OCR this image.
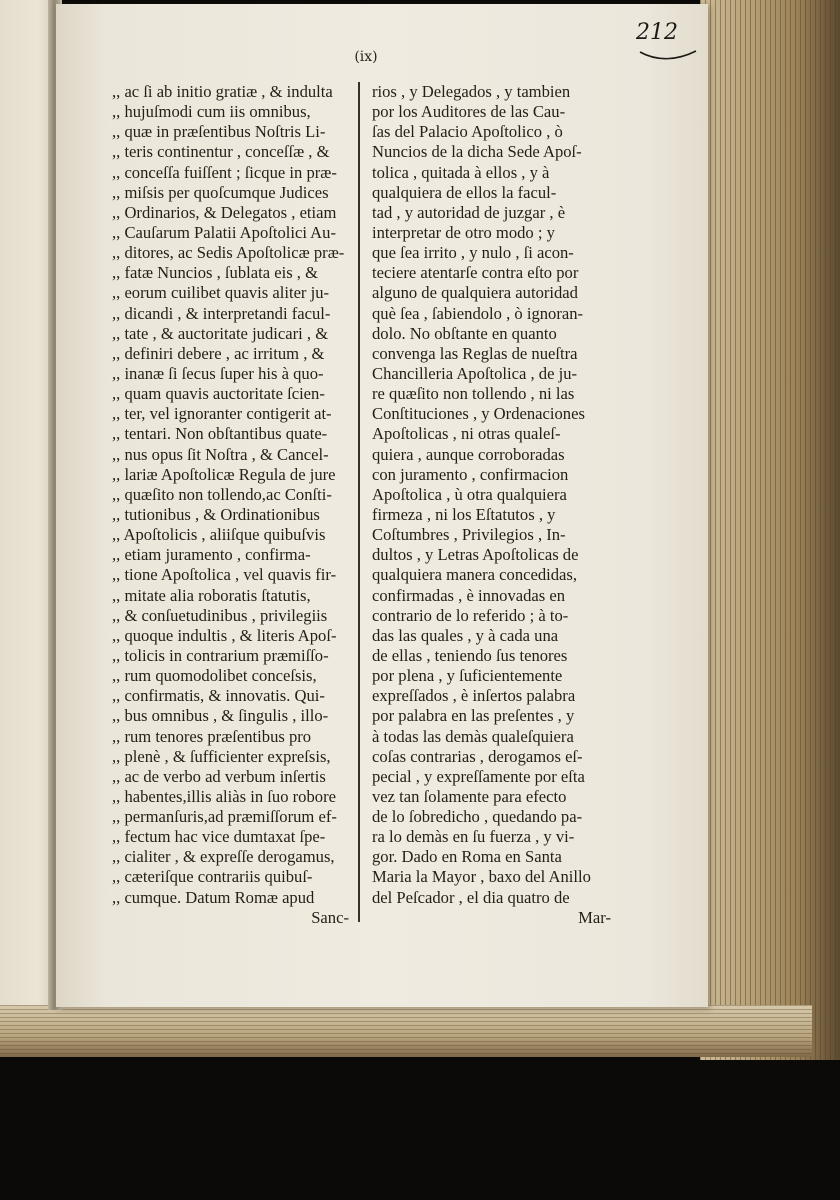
212
(ix)
,, ac ſi ab initio gratiæ , & indulta
,, hujuſmodi cum iis omnibus,
,, quæ in præſentibus Noſtris Li-
,, teris continentur , conceſſæ , &
,, conceſſa fuiſſent ; ſicque in præ-
,, miſsis per quoſcumque Judices
,, Ordinarios, & Delegatos , etiam
,, Cauſarum Palatii Apoſtolici Au-
,, ditores, ac Sedis Apoſtolicæ præ-
,, fatæ Nuncios , ſublata eis , &
,, eorum cuilibet quavis aliter ju-
,, dicandi , & interpretandi facul-
,, tate , & auctoritate judicari , &
,, definiri debere , ac irritum , &
,, inanæ ſi ſecus ſuper his à quo-
,, quam quavis auctoritate ſcien-
,, ter, vel ignoranter contigerit at-
,, tentari. Non obſtantibus quate-
,, nus opus ſit Noſtra , & Cancel-
,, lariæ Apoſtolicæ Regula de jure
,, quæſito non tollendo,ac Conſti-
,, tutionibus , & Ordinationibus
,, Apoſtolicis , aliiſque quibuſvis
,, etiam juramento , confirma-
,, tione Apoſtolica , vel quavis fir-
,, mitate alia roboratis ſtatutis,
,, & conſuetudinibus , privilegiis
,, quoque indultis , & literis Apoſ-
,, tolicis in contrarium præmiſſo-
,, rum quomodolibet conceſsis,
,, confirmatis, & innovatis. Qui-
,, bus omnibus , & ſingulis , illo-
,, rum tenores præſentibus pro
,, plenè , & ſufficienter expreſsis,
,, ac de verbo ad verbum inſertis
,, habentes,illis aliàs in ſuo robore
,, permanſuris,ad præmiſſorum ef-
,, fectum hac vice dumtaxat ſpe-
,, cialiter , & expreſſe derogamus,
,, cæteriſque contrariis quibuſ-
,, cumque. Datum Romæ apud
Sanc-
rios , y Delegados , y tambien
por los Auditores de las Cau-
ſas del Palacio Apoſtolico , ò
Nuncios de la dicha Sede Apoſ-
tolica , quitada à ellos , y à
qualquiera de ellos la facul-
tad , y autoridad de juzgar , è
interpretar de otro modo ; y
que ſea irrito , y nulo , ſi acon-
teciere atentarſe contra eſto por
alguno de qualquiera autoridad
què ſea , ſabiendolo , ò ignoran-
dolo. No obſtante en quanto
convenga las Reglas de nueſtra
Chancilleria Apoſtolica , de ju-
re quæſito non tollendo , ni las
Conſtituciones , y Ordenaciones
Apoſtolicas , ni otras qualeſ-
quiera , aunque corroboradas
con juramento , confirmacion
Apoſtolica , ù otra qualquiera
firmeza , ni los Eſtatutos , y
Coſtumbres , Privilegios , In-
dultos , y Letras Apoſtolicas de
qualquiera manera concedidas,
confirmadas , è innovadas en
contrario de lo referido ; à to-
das las quales , y à cada una
de ellas , teniendo ſus tenores
por plena , y ſuficientemente
expreſſados , è inſertos palabra
por palabra en las preſentes , y
à todas las demàs qualeſquiera
coſas contrarias , derogamos eſ-
pecial , y expreſſamente por eſta
vez tan ſolamente para efecto
de lo ſobredicho , quedando pa-
ra lo demàs en ſu fuerza , y vi-
gor. Dado en Roma en Santa
Maria la Mayor , baxo del Anillo
del Peſcador , el dia quatro de
Mar-
